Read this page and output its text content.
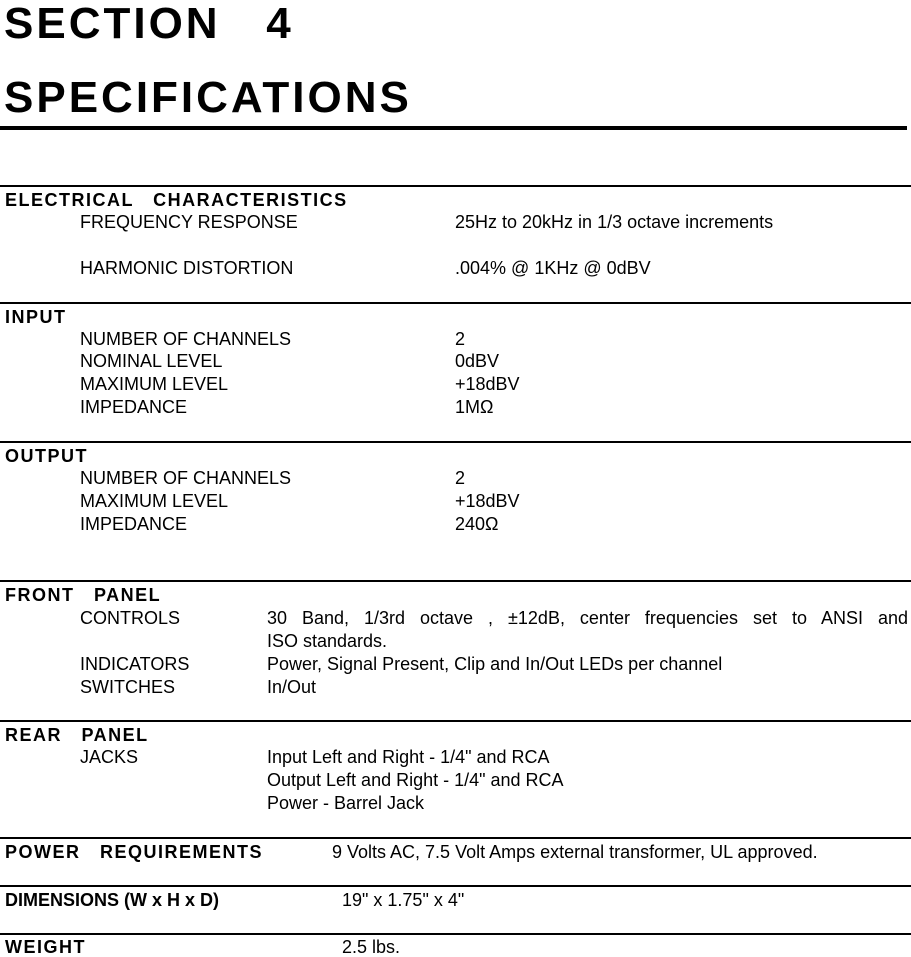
SECTION   4
SPECIFICATIONS
ELECTRICAL   CHARACTERISTICS
FREQUENCY RESPONSE	25Hz to 20kHz in 1/3 octave increments
HARMONIC DISTORTION	.004% @ 1KHz @ 0dBV
INPUT
NUMBER OF CHANNELS	2
NOMINAL LEVEL	0dBV
MAXIMUM LEVEL	+18dBV
IMPEDANCE	1MΩ
OUTPUT
NUMBER OF CHANNELS	2
MAXIMUM LEVEL	+18dBV
IMPEDANCE	240Ω
FRONT   PANEL
CONTROLS	30 Band, 1/3rd octave , ±12dB, center frequencies set to ANSI and
ISO standards.
INDICATORS	Power, Signal Present, Clip and In/Out LEDs per channel
SWITCHES	In/Out
REAR   PANEL
JACKS	Input Left and Right - 1/4" and RCA
Output Left and Right - 1/4" and RCA
Power - Barrel Jack
POWER   REQUIREMENTS	9 Volts AC, 7.5 Volt Amps external transformer, UL approved.
DIMENSIONS (W x H x D)	19" x 1.75" x 4"
WEIGHT	2.5 lbs.
